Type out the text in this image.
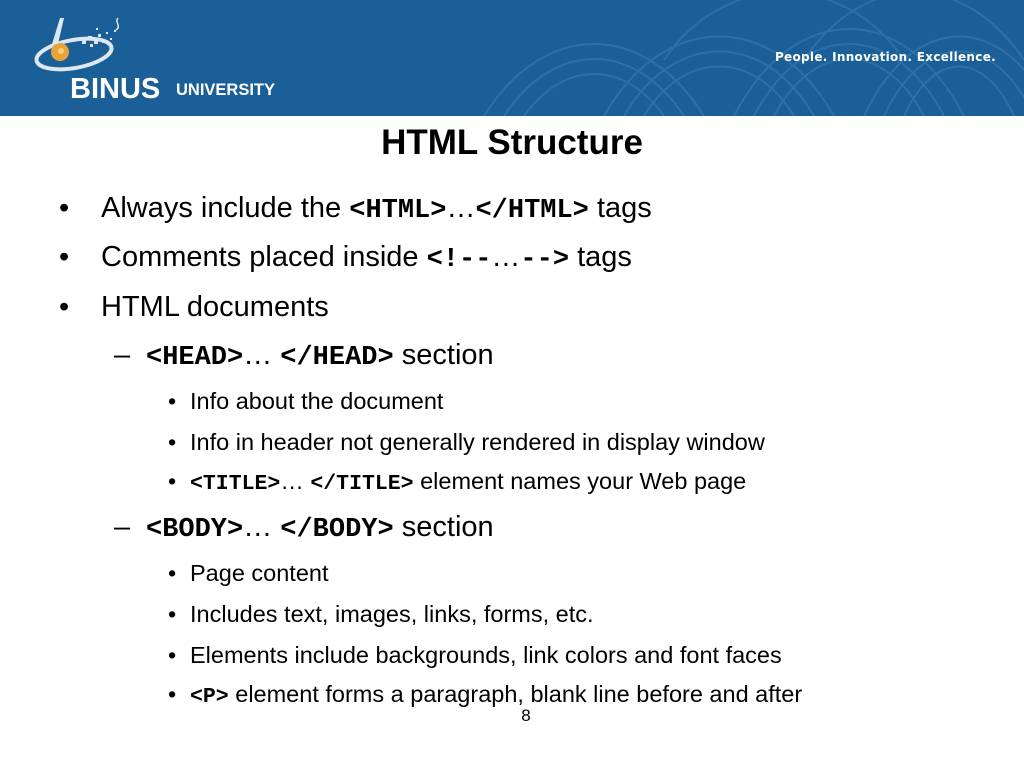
BINUS UNIVERSITY
People. Innovation. Excellence.
HTML Structure
• Always include the <HTML>…</HTML> tags
• Comments placed inside <!--…--> tags
• HTML documents
– <HEAD>… </HEAD> section
• Info about the document
• Info in header not generally rendered in display window
• <TITLE>… </TITLE> element names your Web page
– <BODY>… </BODY> section
• Page content
• Includes text, images, links, forms, etc.
• Elements include backgrounds, link colors and font faces
• <P> element forms a paragraph, blank line before and after
8
